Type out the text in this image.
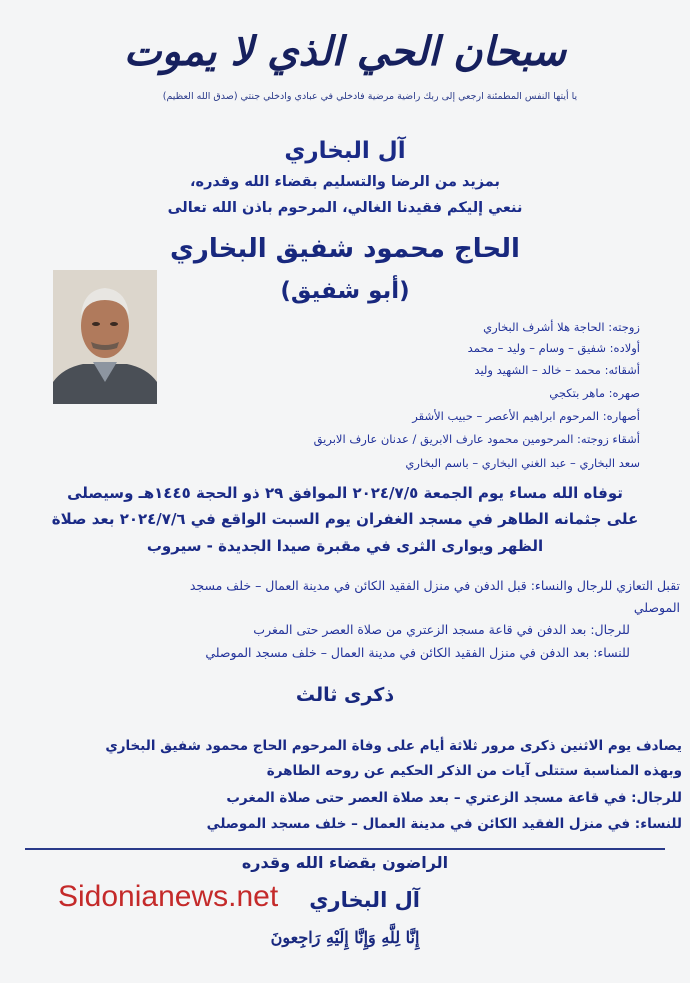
سبحان الحي الذي لا يموت
يا أيتها النفس المطمئنة ارجعي إلى ربك راضية مرضية فادخلي في عبادي وادخلي جنتي (صدق الله العظيم)
آل البخاري
بمزيد من الرضا والتسليم بقضاء الله وقدره،
ننعي إليكم فقيدنا الغالي، المرحوم باذن الله تعالى
الحاج محمود شفيق البخاري
(أبو شفيق)
زوجته: الحاجة هلا أشرف البخاري
أولاده: شفيق – وسام – وليد – محمد
أشقائه: محمد – خالد – الشهيد وليد
صهره: ماهر بتكجي
أصهاره: المرحوم ابراهيم الأعصر – حبيب الأشقر
أشقاء زوجته: المرحومين محمود عارف الابريق / عدنان عارف الابريق
سعد البخاري – عبد الغني البخاري – باسم البخاري
توفاه الله مساء يوم الجمعة ٢٠٢٤/٧/٥ الموافق ٢٩ ذو الحجة ١٤٤٥هـ وسيصلى
على جثمانه الطاهر في مسجد الغفران يوم السبت الواقع في ٢٠٢٤/٧/٦ بعد صلاة
الظهر ويوارى الثرى في مقبرة صيدا الجديدة - سيروب
تقبل التعازي للرجال والنساء: قبل الدفن في منزل الفقيد الكائن في مدينة العمال – خلف مسجد
الموصلي
للرجال: بعد الدفن في قاعة مسجد الزعتري من صلاة العصر حتى المغرب
للنساء: بعد الدفن في منزل الفقيد الكائن في مدينة العمال – خلف مسجد الموصلي
ذكرى ثالث
يصادف يوم الاثنين ذكرى مرور ثلاثة أيام على وفاة المرحوم الحاج محمود شفيق البخاري
وبهذه المناسبة ستتلى آيات من الذكر الحكيم عن روحه الطاهرة
للرجال: في قاعة مسجد الزعتري – بعد صلاة العصر حتى صلاة المغرب
للنساء: في منزل الفقيد الكائن في مدينة العمال – خلف مسجد الموصلي
الراضون بقضاء الله وقدره
آل البخاري
Sidonianews.net
إِنَّا لِلَّهِ وَإِنَّا إِلَيْهِ رَاجِعونَ
